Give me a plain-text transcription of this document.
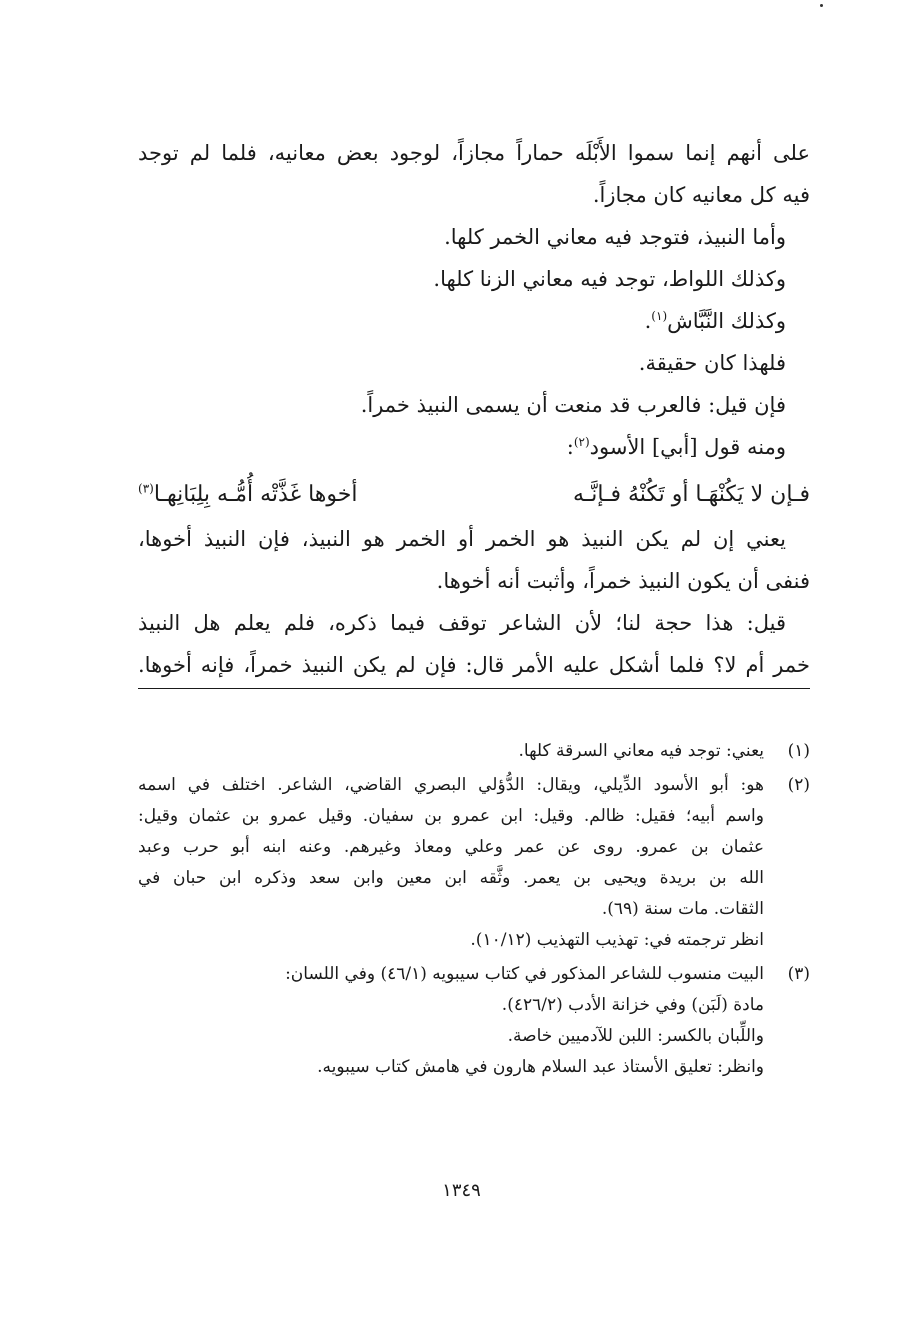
على أنهم إنما سموا الأَبْلَه حماراً مجازاً، لوجود بعض معانيه، فلما لم توجد
فيه كل معانيه كان مجازاً.
وأما النبيذ، فتوجد فيه معاني الخمر كلها.
وكذلك اللواط، توجد فيه معاني الزنا كلها.
وكذلك النَّبَّاش$^{(١)}$.
فلهذا كان حقيقة.
فإن قيل: فالعرب قد منعت أن يسمى النبيذ خمراً.
ومنه قول [أبي] الأسود$^{(٢)}$:
فـإن لا يَكُنْهَـا أو تَكُنْهُ فـإنَّـه
أخوها غَذَّتْه أُمُّـه بِلِبَانِهـا$^{(٣)}$
يعني إن لم يكن النبيذ هو الخمر أو الخمر هو النبيذ، فإن النبيذ أخوها،
فنفى أن يكون النبيذ خمراً، وأثبت أنه أخوها.
قيل: هذا حجة لنا؛ لأن الشاعر توقف فيما ذكره، فلم يعلم هل النبيذ
خمر أم لا؟ فلما أشكل عليه الأمر قال: فإن لم يكن النبيذ خمراً، فإنه أخوها.
(١)
يعني: توجد فيه معاني السرقة كلها.
(٢)
هو: أبو الأسود الدِّيلي، ويقال: الدُّؤلي البصري القاضي، الشاعر. اختلف في اسمه
واسم أبيه؛ فقيل: ظالم. وقيل: ابن عمرو بن سفيان. وقيل عمرو بن عثمان وقيل:
عثمان بن عمرو. روى عن عمر وعلي ومعاذ وغيرهم. وعنه ابنه أبو حرب وعبد
الله بن بريدة ويحيى بن يعمر. وثَّقه ابن معين وابن سعد وذكره ابن حبان في
الثقات. مات سنة (٦٩).
انظر ترجمته في: تهذيب التهذيب (١٠/١٢).
(٣)
البيت منسوب للشاعر المذكور في كتاب سيبويه (٤٦/١) وفي اللسان:
مادة (لَبَن) وفي خزانة الأدب (٤٢٦/٢).
واللِّبان بالكسر: اللبن للآدميين خاصة.
وانظر: تعليق الأستاذ عبد السلام هارون في هامش كتاب سيبويه.
١٣٤٩
